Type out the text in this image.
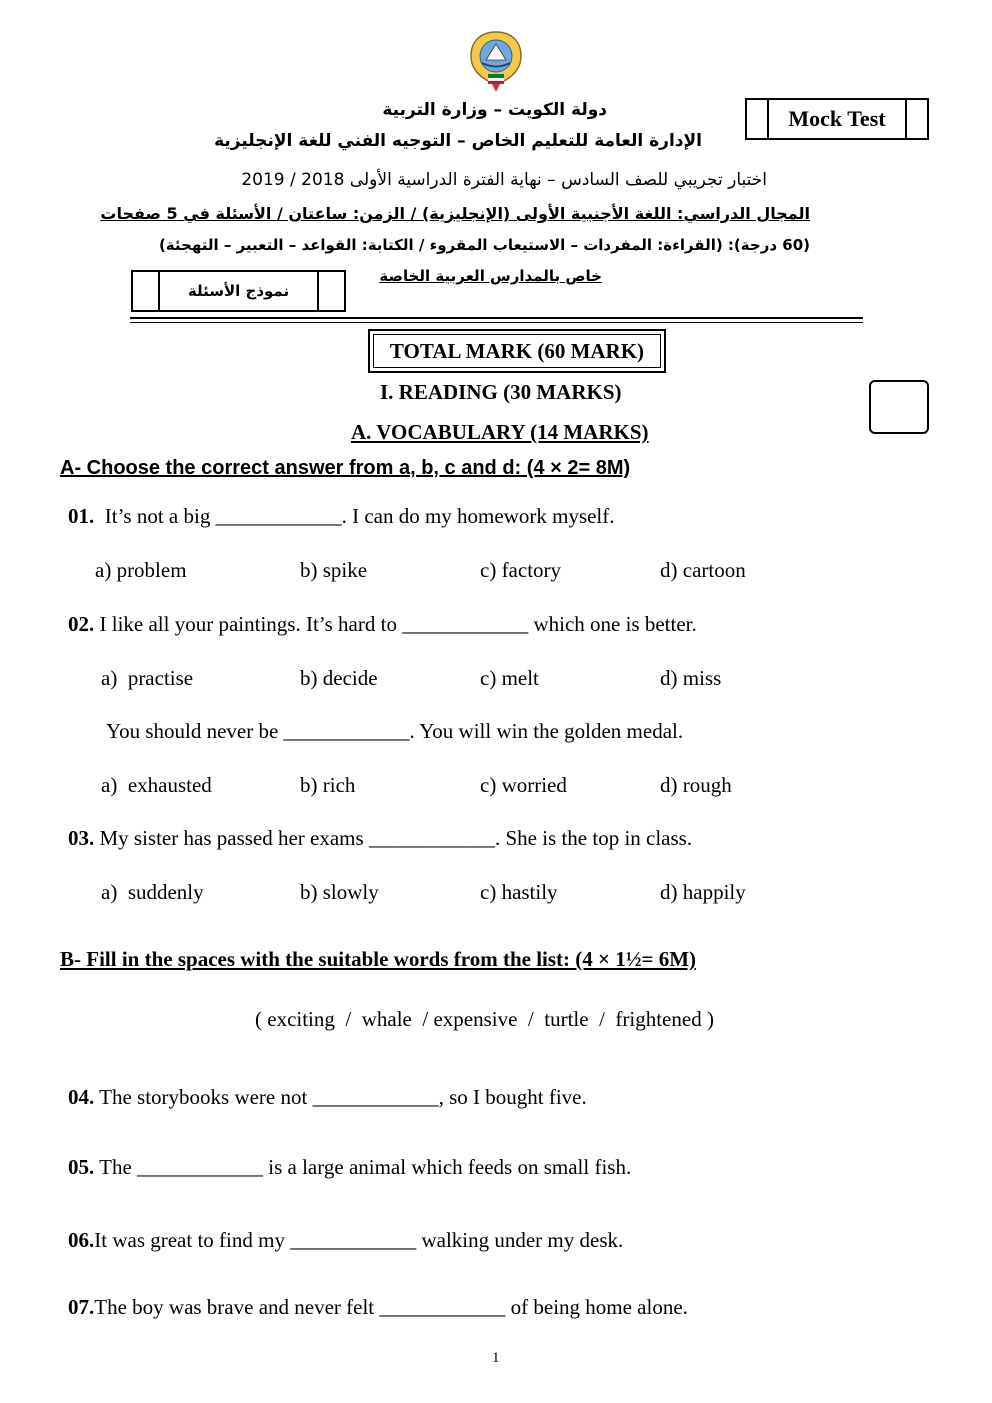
دولة الكويت – وزارة التربية
الإدارة العامة للتعليم الخاص – التوجيه الفني للغة الإنجليزية
اختبار تجريبي للصف السادس – نهاية الفترة الدراسية الأولى 2018 / 2019
المجال الدراسي: اللغة الأجنبية الأولى (الإنجليزية) / الزمن: ساعتان / الأسئلة في 5 صفحات
(60 درجة): (القراءة: المفردات – الاستيعاب المقروء / الكتابة: القواعد – التعبير – التهجئة)
خاص بالمدارس العربية الخاصة
Mock Test
نموذج الأسئلة
TOTAL MARK (60 MARK)
I. READING (30 MARKS)
A. VOCABULARY (14 MARKS)
A- Choose the correct answer from a, b, c and d: (4 × 2= 8M)
01. It’s not a big ____________. I can do my homework myself.
a) problem	b) spike	c) factory	d) cartoon
02. I like all your paintings. It’s hard to ____________ which one is better.
a)  practise	b) decide	c) melt	d) miss
You should never be ____________. You will win the golden medal.
a)  exhausted	b) rich	c) worried	d) rough
03. My sister has passed her exams ____________. She is the top in class.
a)  suddenly	b) slowly	c) hastily	d) happily
B- Fill in the spaces with the suitable words from the list: (4 × 1½= 6M)
( exciting  /  whale  / expensive  /  turtle  /  frightened )
04. The storybooks were not ____________, so I bought five.
05. The ____________ is a large animal which feeds on small fish.
06.It was great to find my ____________ walking under my desk.
07.The boy was brave and never felt ____________ of being home alone.
1
